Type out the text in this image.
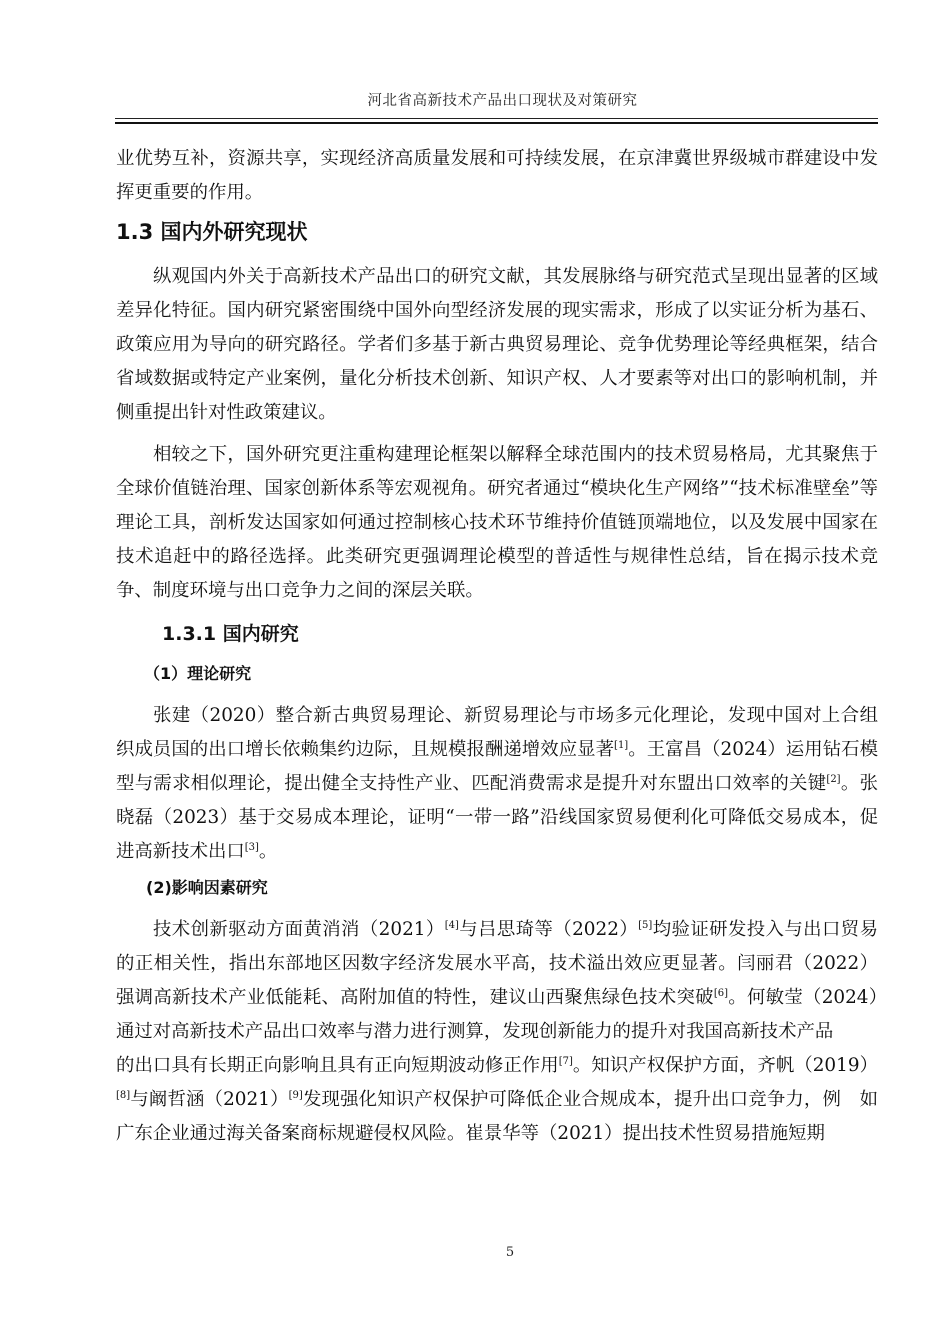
河北省高新技术产品出口现状及对策研究

业优势互补，资源共享，实现经济高质量发展和可持续发展，在京津冀世界级城市群建设中发挥更重要的作用。

1.3 国内外研究现状

纵观国内外关于高新技术产品出口的研究文献，其发展脉络与研究范式呈现出显著的区域差异化特征。国内研究紧密围绕中国外向型经济发展的现实需求，形成了以实证分析为基石、政策应用为导向的研究路径。学者们多基于新古典贸易理论、竞争优势理论等经典框架，结合省域数据或特定产业案例，量化分析技术创新、知识产权、人才要素等对出口的影响机制，并侧重提出针对性政策建议。

相较之下，国外研究更注重构建理论框架以解释全球范围内的技术贸易格局，尤其聚焦于全球价值链治理、国家创新体系等宏观视角。研究者通过“模块化生产网络”“技术标准壁垒”等理论工具，剖析发达国家如何通过控制核心技术环节维持价值链顶端地位，以及发展中国家在技术追赶中的路径选择。此类研究更强调理论模型的普适性与规律性总结，旨在揭示技术竞争、制度环境与出口竞争力之间的深层关联。

1.3.1 国内研究
（1）理论研究

张建（2020）整合新古典贸易理论、新贸易理论与市场多元化理论，发现中国对上合组织成员国的出口增长依赖集约边际，且规模报酬递增效应显著[1]。王富昌（2024）运用钻石模型与需求相似理论，提出健全支持性产业、匹配消费需求是提升对东盟出口效率的关键[2]。张晓磊（2023）基于交易成本理论，证明“一带一路”沿线国家贸易便利化可降低交易成本，促进高新技术出口[3]。

(2)影响因素研究

技术创新驱动方面黄消消（2021）[4]与吕思琦等（2022）[5]均验证研发投入与出口贸易的正相关性，指出东部地区因数字经济发展水平高，技术溢出效应更显著。闫丽君（2022）强调高新技术产业低能耗、高附加值的特性，建议山西聚焦绿色技术突破[6]。何敏莹（2024）　通过对高新技术产品出口效率与潜力进行测算，发现创新能力的提升对我国高新技术产品

的出口具有长期正向影响且具有正向短期波动修正作用[7]。知识产权保护方面，齐帆（2019）[8]与阚哲涵（2021）[9]发现强化知识产权保护可降低企业合规成本，提升出口竞争力，例　如广东企业通过海关备案商标规避侵权风险。崔景华等（2021）提出技术性贸易措施短期

5
